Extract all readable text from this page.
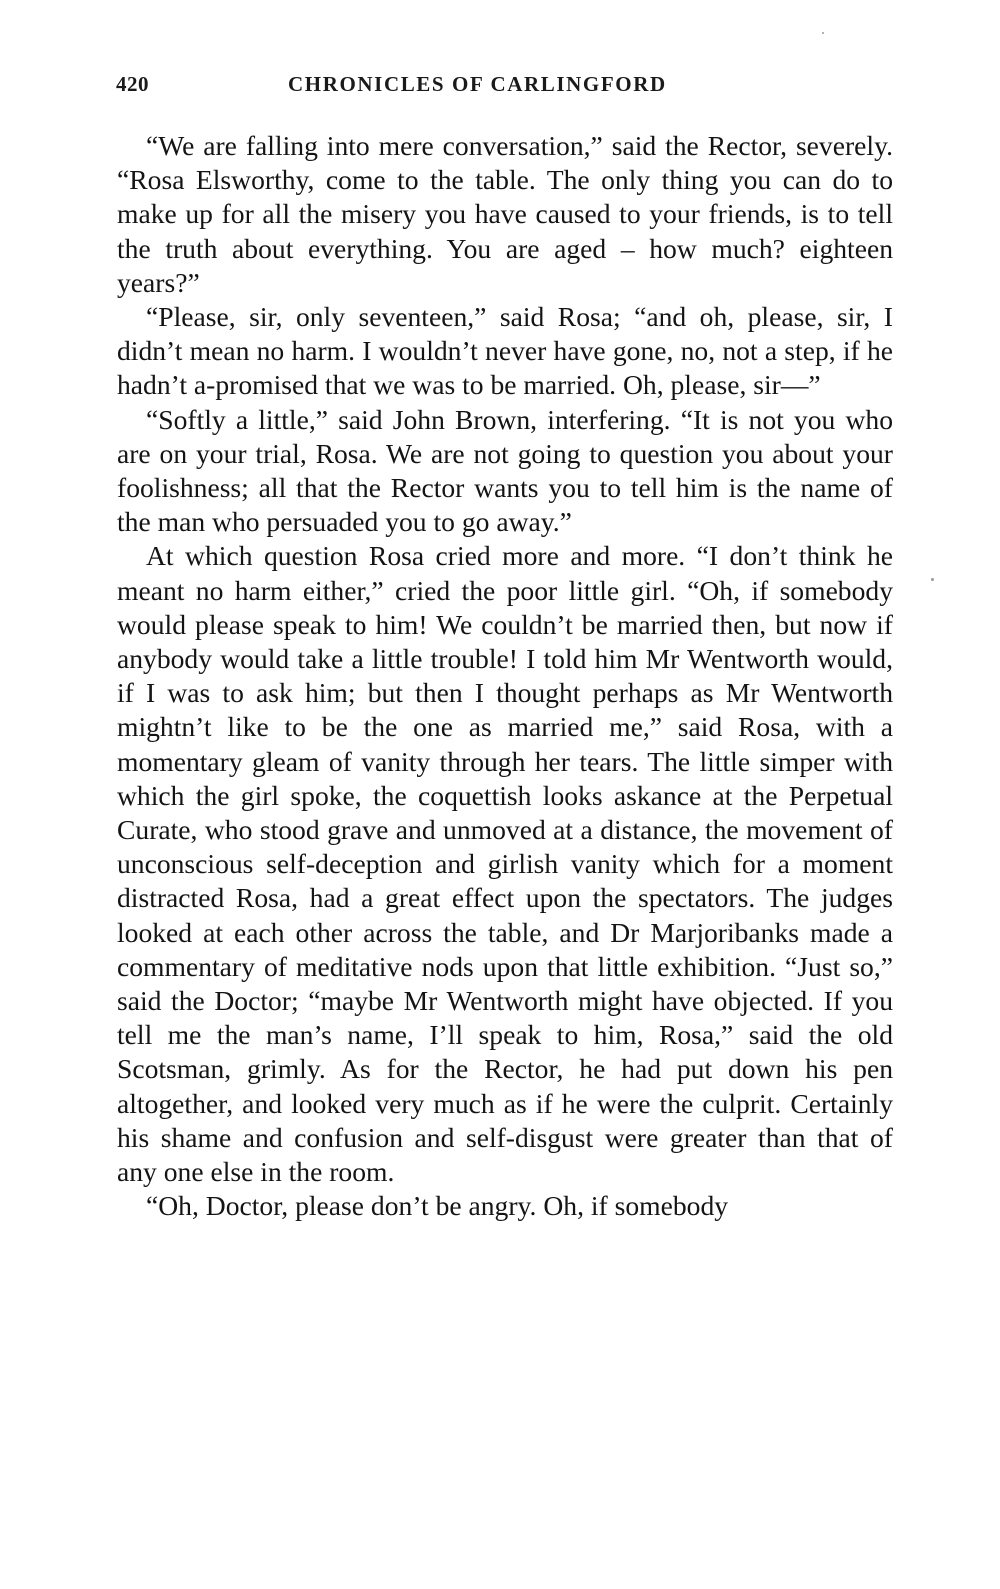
420	CHRONICLES OF CARLINGFORD

“We are falling into mere conversation,” said the Rector, severely. “Rosa Elsworthy, come to the table. The only thing you can do to make up for all the misery you have caused to your friends, is to tell the truth about everything. You are aged – how much? eighteen years?”

“Please, sir, only seventeen,” said Rosa; “and oh, please, sir, I didn’t mean no harm. I wouldn’t never have gone, no, not a step, if he hadn’t a-promised that we was to be married. Oh, please, sir—”

“Softly a little,” said John Brown, interfering. “It is not you who are on your trial, Rosa. We are not going to question you about your foolishness; all that the Rector wants you to tell him is the name of the man who persuaded you to go away.”

At which question Rosa cried more and more. “I don’t think he meant no harm either,” cried the poor little girl. “Oh, if somebody would please speak to him! We couldn’t be married then, but now if anybody would take a little trouble! I told him Mr Wentworth would, if I was to ask him; but then I thought perhaps as Mr Wentworth mightn’t like to be the one as married me,” said Rosa, with a momentary gleam of vanity through her tears. The little simper with which the girl spoke, the coquettish looks askance at the Perpetual Curate, who stood grave and unmoved at a distance, the movement of unconscious self-deception and girlish vanity which for a moment distracted Rosa, had a great effect upon the spectators. The judges looked at each other across the table, and Dr Marjoribanks made a commentary of meditative nods upon that little exhibition. “Just so,” said the Doctor; “maybe Mr Wentworth might have objected. If you tell me the man’s name, I’ll speak to him, Rosa,” said the old Scotsman, grimly. As for the Rector, he had put down his pen altogether, and looked very much as if he were the culprit. Certainly his shame and confusion and self-disgust were greater than that of any one else in the room.

“Oh, Doctor, please don’t be angry. Oh, if somebody
